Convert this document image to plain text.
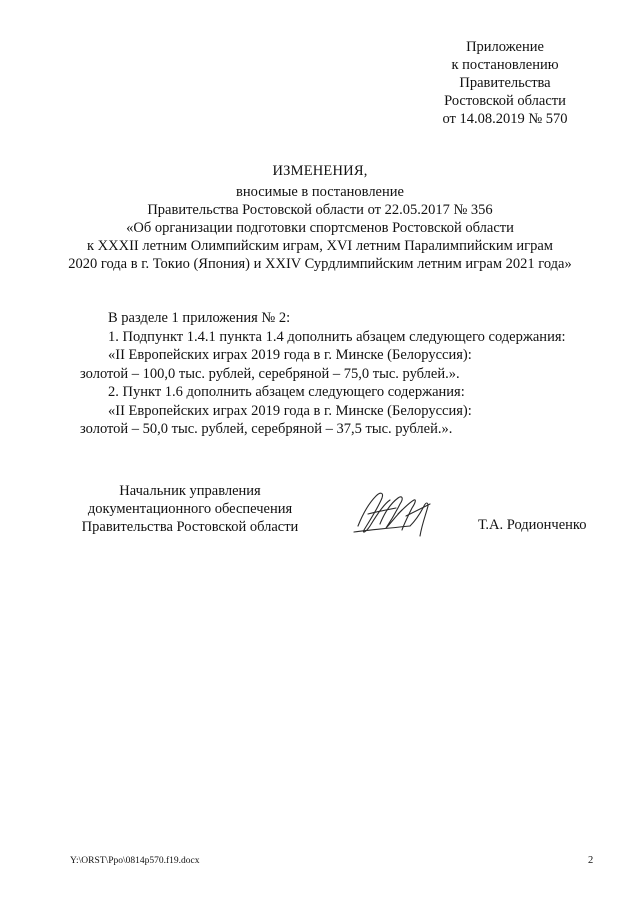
Приложение
к постановлению
Правительства
Ростовской области
от 14.08.2019 № 570
ИЗМЕНЕНИЯ,
вносимые в постановление
Правительства Ростовской области от 22.05.2017 № 356
«Об организации подготовки спортсменов Ростовской области
к XXXII летним Олимпийским играм, XVI летним Паралимпийским играм
2020 года в г. Токио (Япония) и XXIV Сурдлимпийским летним играм 2021 года»
В разделе 1 приложения № 2:
1. Подпункт 1.4.1 пункта 1.4 дополнить абзацем следующего содержания:
«II Европейских играх 2019 года в г. Минске (Белоруссия):
золотой – 100,0 тыс. рублей, серебряной – 75,0 тыс. рублей.».
2. Пункт 1.6 дополнить абзацем следующего содержания:
«II Европейских играх 2019 года в г. Минске (Белоруссия):
золотой – 50,0 тыс. рублей, серебряной – 37,5 тыс. рублей.».
Начальник управления
документационного обеспечения
Правительства Ростовской области	Т.А. Родионченко
Y:\ORST\Ppo\0814p570.f19.docx	2
